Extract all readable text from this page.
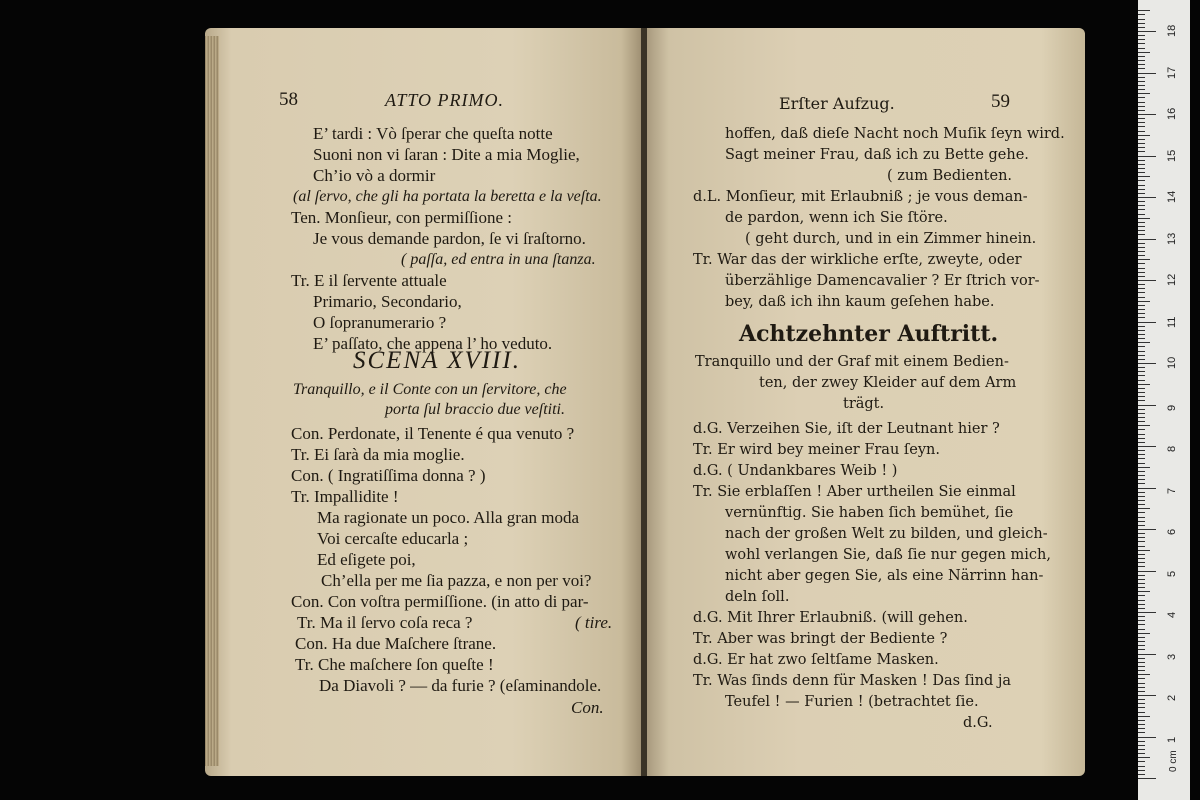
58	ATTO PRIMO.
E’ tardi : Vò ſperar che queſta notte
Suoni non vi ſaran : Dite a mia Moglie,
Ch’io vò a dormir
(al ſervo, che gli ha portata la beretta e la veſta.
Ten. Monſieur, con permiſſione :
Je vous demande pardon, ſe vi ſraſtorno.
( paſſa, ed entra in una ſtanza.
Tr. E il ſervente attuale
Primario, Secondario,
O ſopranumerario ?
E’ paſſato, che appena l’ ho veduto.
SCENA XVIII.
Tranquillo, e il Conte con un ſervitore, che
porta ſul braccio due veſtiti.
Con. Perdonate, il Tenente é qua venuto ?
Tr. Ei ſarà da mia moglie.
Con. ( Ingratiſſima donna ? )
Tr. Impallidite !
Ma ragionate un poco. Alla gran moda
Voi cercaſte educarla ;
Ed eſigete poi,
Ch’ella per me ſia pazza, e non per voi?
Con. Con voſtra permiſſione. (in atto di par-
Tr. Ma il ſervo coſa reca ?	( tire.
Con. Ha due Maſchere ſtrane.
Tr. Che maſchere ſon queſte !
Da Diavoli ? — da furie ? (eſaminandole.
Con.
Erſter Aufzug.	59
hoffen, daß dieſe Nacht noch Muſik ſeyn wird.
Sagt meiner Frau, daß ich zu Bette gehe.
( zum Bedienten.
d.L. Monſieur, mit Erlaubniß ; je vous deman-
de pardon, wenn ich Sie ſtöre.
( geht durch, und in ein Zimmer hinein.
Tr. War das der wirkliche erſte, zweyte, oder
überzählige Damencavalier ? Er ſtrich vor-
bey, daß ich ihn kaum geſehen habe.
Achtzehnter Auftritt.
Tranquillo und der Graf mit einem Bedien-
ten, der zwey Kleider auf dem Arm
trägt.
d.G. Verzeihen Sie, iſt der Leutnant hier ?
Tr. Er wird bey meiner Frau ſeyn.
d.G. ( Undankbares Weib ! )
Tr. Sie erblaſſen ! Aber urtheilen Sie einmal
vernünftig. Sie haben ſich bemühet, ſie
nach der großen Welt zu bilden, und gleich-
wohl verlangen Sie, daß ſie nur gegen mich,
nicht aber gegen Sie, als eine Närrinn han-
deln ſoll.
d.G. Mit Ihrer Erlaubniß. (will gehen.
Tr. Aber was bringt der Bediente ?
d.G. Er hat zwo ſeltſame Masken.
Tr. Was ſinds denn für Masken ! Das ſind ja
Teufel ! — Furien ! (betrachtet ſie.
d.G.
0 cm
1
2
3
4
5
6
7
8
9
10
11
12
13
14
15
16
17
18
